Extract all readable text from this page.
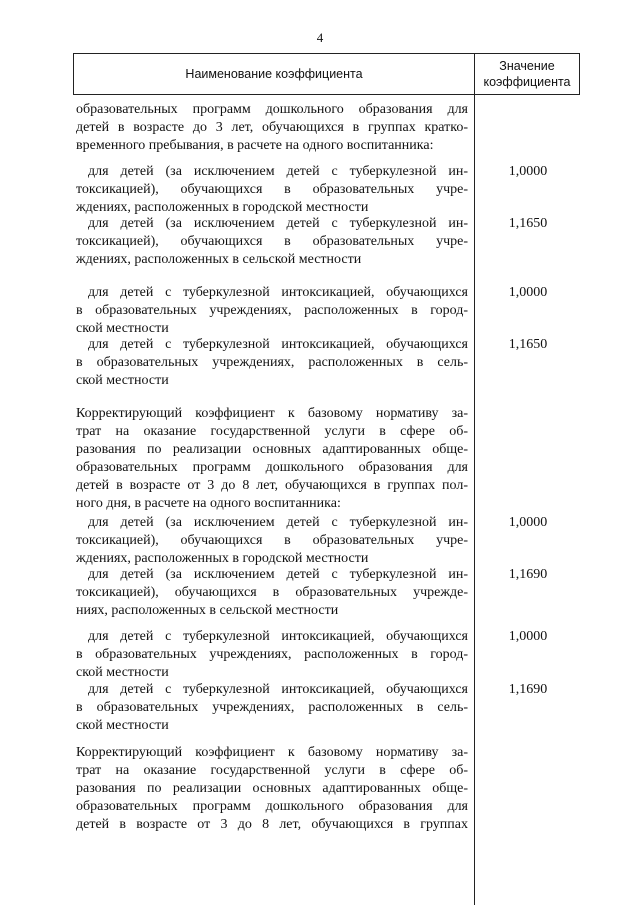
4
Наименование коэффициента
Значение
коэффициента
образовательных программ дошкольного образования для
детей в возрасте до 3 лет, обучающихся в группах кратко-
временного пребывания, в расчете на одного воспитанника:
для детей (за исключением детей с туберкулезной ин-
токсикацией), обучающихся в образовательных учре-
ждениях, расположенных в городской местности
1,0000
для детей (за исключением детей с туберкулезной ин-
токсикацией), обучающихся в образовательных учре-
ждениях, расположенных в сельской местности
1,1650
для детей с туберкулезной интоксикацией, обучающихся
в образовательных учреждениях, расположенных в город-
ской местности
1,0000
для детей с туберкулезной интоксикацией, обучающихся
в образовательных учреждениях, расположенных в сель-
ской местности
1,1650
Корректирующий коэффициент к базовому нормативу за-
трат на оказание государственной услуги в сфере об-
разования по реализации основных адаптированных обще-
образовательных программ дошкольного образования для
детей в возрасте от 3 до 8 лет, обучающихся в группах пол-
ного дня, в расчете на одного воспитанника:
для детей (за исключением детей с туберкулезной ин-
токсикацией), обучающихся в образовательных учре-
ждениях, расположенных в городской местности
1,0000
для детей (за исключением детей с туберкулезной ин-
токсикацией), обучающихся в образовательных учрежде-
ниях, расположенных в сельской местности
1,1690
для детей с туберкулезной интоксикацией, обучающихся
в образовательных учреждениях, расположенных в город-
ской местности
1,0000
для детей с туберкулезной интоксикацией, обучающихся
в образовательных учреждениях, расположенных в сель-
ской местности
1,1690
Корректирующий коэффициент к базовому нормативу за-
трат на оказание государственной услуги в сфере об-
разования по реализации основных адаптированных обще-
образовательных программ дошкольного образования для
детей в возрасте от 3 до 8 лет, обучающихся в группах
